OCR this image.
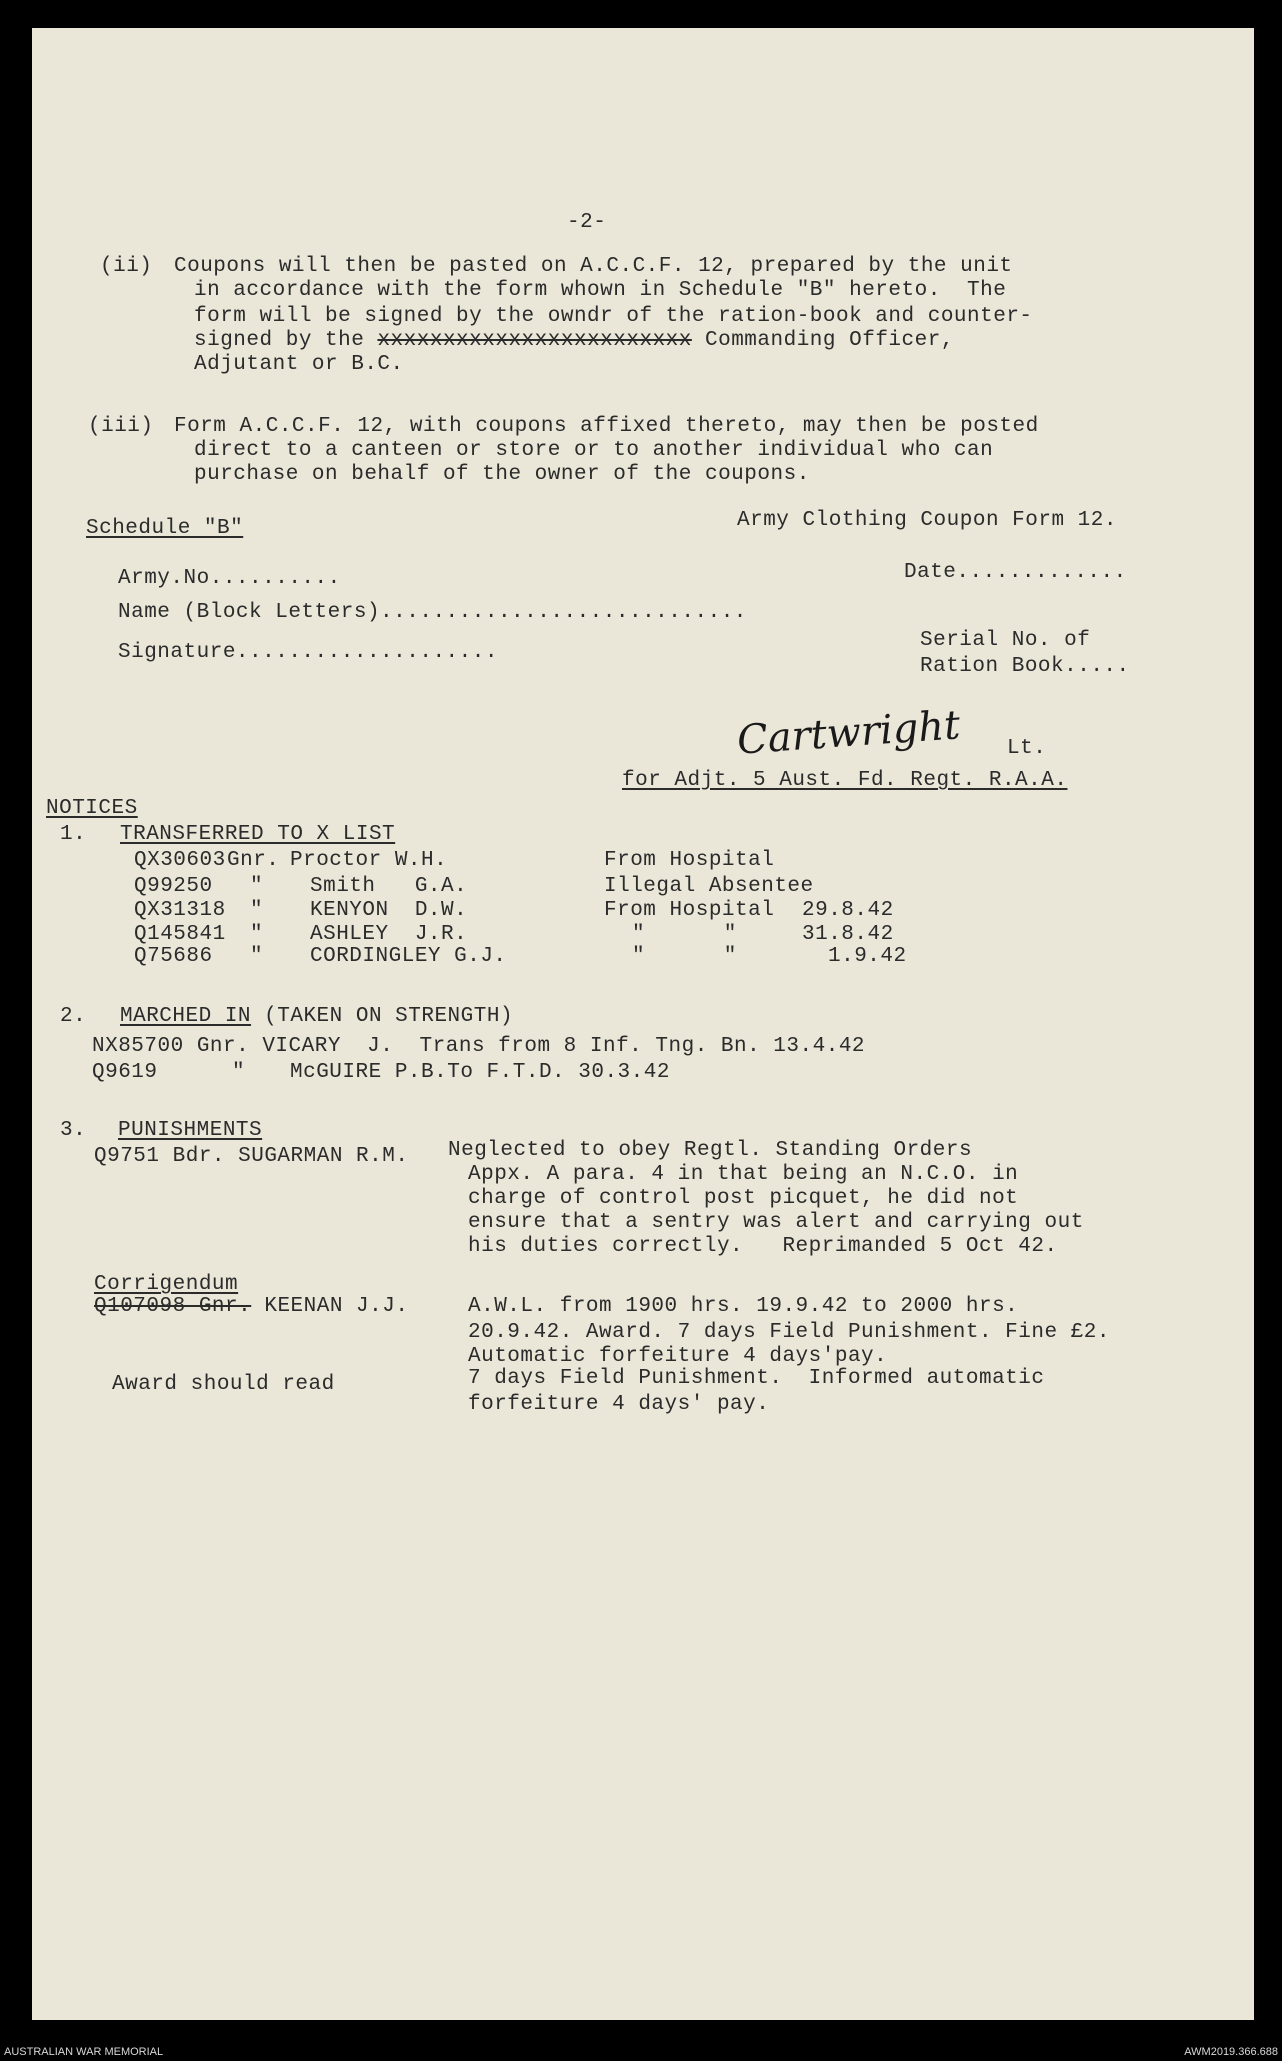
-2-
(ii) Coupons will then be pasted on A.C.C.F. 12, prepared by the unit
in accordance with the form whown in Schedule "B" hereto.  The
form will be signed by the owndr of the ration-book and counter-
signed by the xxxxxxxxxxxxxxxxxxxxxxxx Commanding Officer,
Adjutant or B.C.
(iii) Form A.C.C.F. 12, with coupons affixed thereto, may then be posted
direct to a canteen or store or to another individual who can
purchase on behalf of the owner of the coupons.
Schedule "B"	Army Clothing Coupon Form 12.
Army.No..........	Date.............
Name (Block Letters)............................
Signature....................
Serial No. of
Ration Book.....
Cartwright Lt.
for Adjt. 5 Aust. Fd. Regt. R.A.A.
NOTICES
1. TRANSFERRED TO X LIST
QX30603 Gnr. Proctor W.H.	From Hospital
Q99250 " Smith   G.A.	Illegal Absentee
QX31318 " KENYON  D.W.	From Hospital 29.8.42
Q145841 " ASHLEY  J.R.	"      "	31.8.42
Q75686 " CORDINGLEY G.J.	"      "	1.9.42
2. MARCHED IN (TAKEN ON STRENGTH)
NX85700 Gnr. VICARY  J.  Trans from 8 Inf. Tng. Bn. 13.4.42
Q9619	" McGUIRE P.B.To F.T.D. 30.3.42
3. PUNISHMENTS
Q9751 Bdr. SUGARMAN R.M. Neglected to obey Regtl. Standing Orders
Appx. A para. 4 in that being an N.C.O. in
charge of control post picquet, he did not
ensure that a sentry was alert and carrying out
his duties correctly.   Reprimanded 5 Oct 42.
Corrigendum
Q107098 Gnr. KEENAN J.J.	A.W.L. from 1900 hrs. 19.9.42 to 2000 hrs.
20.9.42. Award. 7 days Field Punishment. Fine £2.
Automatic forfeiture 4 days'pay.
Award should read	7 days Field Punishment.  Informed automatic
forfeiture 4 days' pay.
AUSTRALIAN WAR MEMORIAL	AWM2019.366.688
